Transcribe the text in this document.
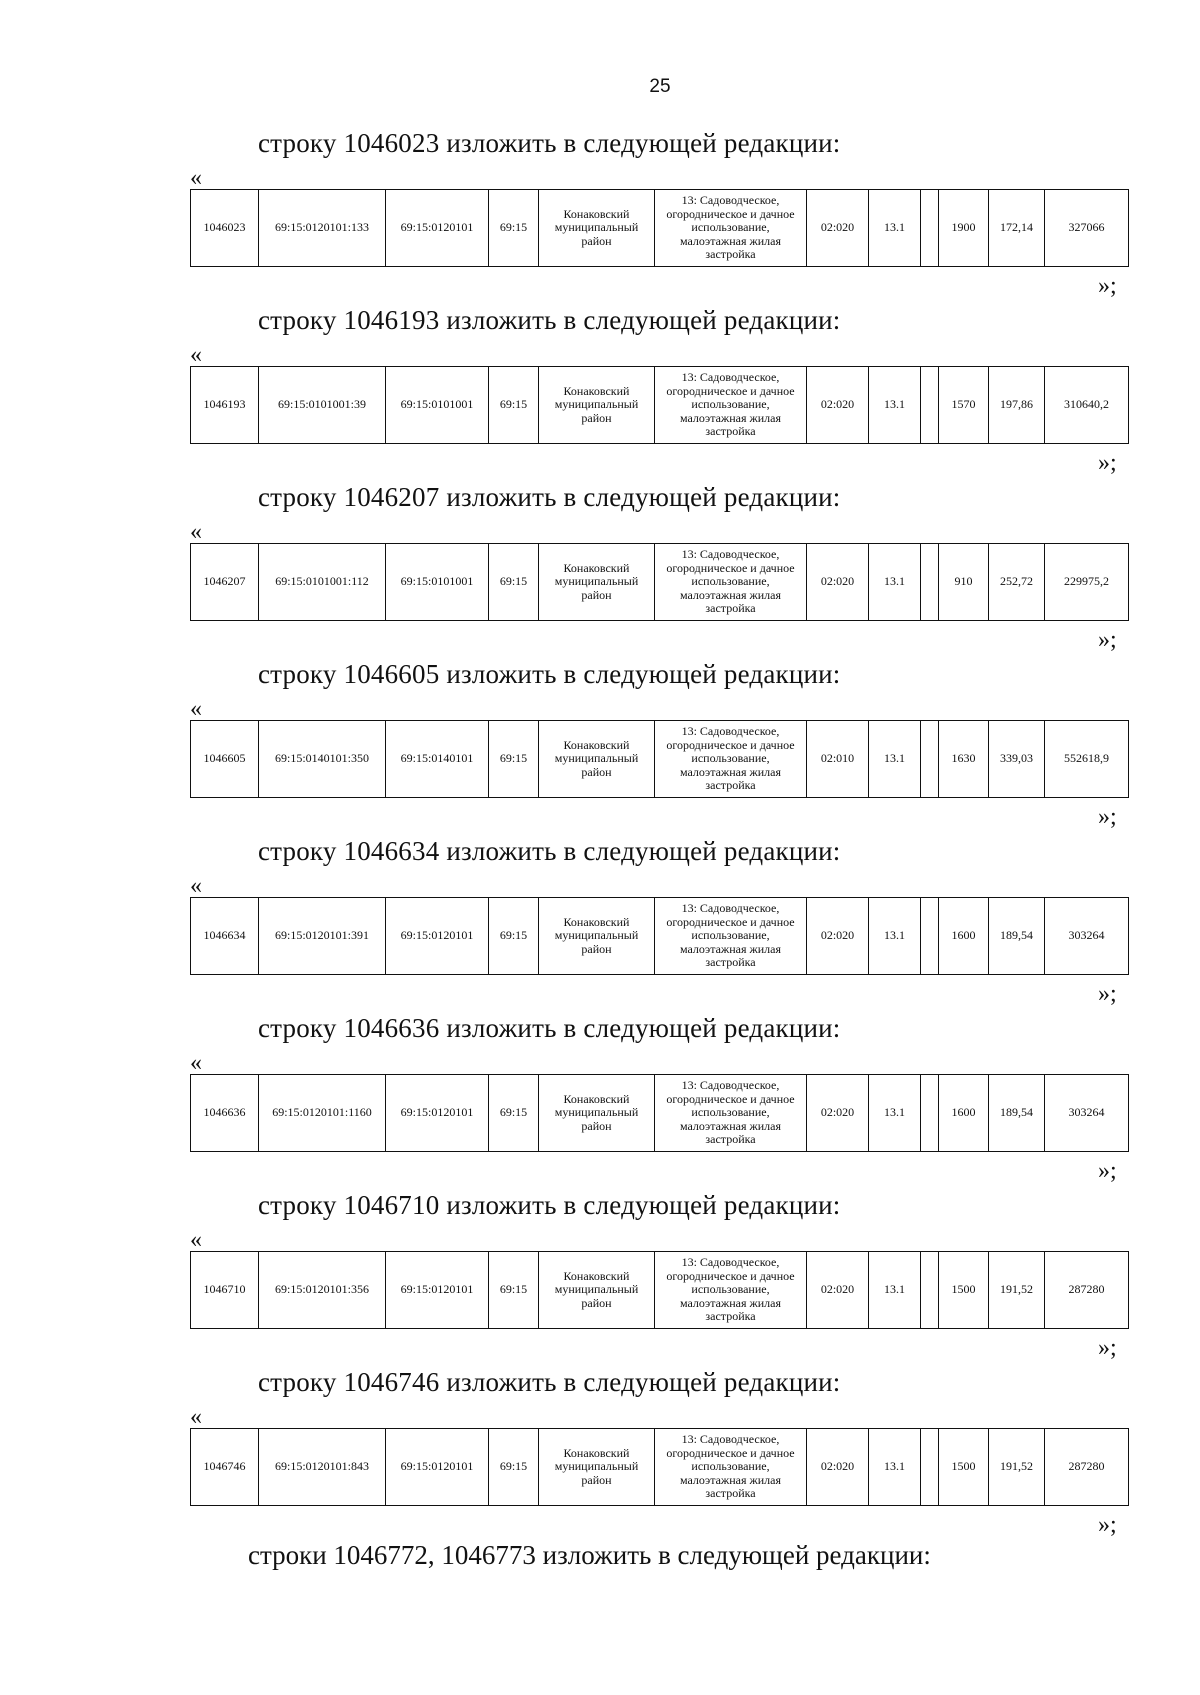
25
строку 1046023 изложить в следующей редакции:
«
1046023	69:15:0120101:133	69:15:0120101	69:15	Конаковский муниципальный район	13: Садоводческое, огородническое и дачное использование, малоэтажная жилая застройка	02:020	13.1		1900	172,14	327066
»;
строку 1046193 изложить в следующей редакции:
«
1046193	69:15:0101001:39	69:15:0101001	69:15	Конаковский муниципальный район	13: Садоводческое, огородническое и дачное использование, малоэтажная жилая застройка	02:020	13.1		1570	197,86	310640,2
»;
строку 1046207 изложить в следующей редакции:
«
1046207	69:15:0101001:112	69:15:0101001	69:15	Конаковский муниципальный район	13: Садоводческое, огородническое и дачное использование, малоэтажная жилая застройка	02:020	13.1		910	252,72	229975,2
»;
строку 1046605 изложить в следующей редакции:
«
1046605	69:15:0140101:350	69:15:0140101	69:15	Конаковский муниципальный район	13: Садоводческое, огородническое и дачное использование, малоэтажная жилая застройка	02:010	13.1		1630	339,03	552618,9
»;
строку 1046634 изложить в следующей редакции:
«
1046634	69:15:0120101:391	69:15:0120101	69:15	Конаковский муниципальный район	13: Садоводческое, огородническое и дачное использование, малоэтажная жилая застройка	02:020	13.1		1600	189,54	303264
»;
строку 1046636 изложить в следующей редакции:
«
1046636	69:15:0120101:1160	69:15:0120101	69:15	Конаковский муниципальный район	13: Садоводческое, огородническое и дачное использование, малоэтажная жилая застройка	02:020	13.1		1600	189,54	303264
»;
строку 1046710 изложить в следующей редакции:
«
1046710	69:15:0120101:356	69:15:0120101	69:15	Конаковский муниципальный район	13: Садоводческое, огородническое и дачное использование, малоэтажная жилая застройка	02:020	13.1		1500	191,52	287280
»;
строку 1046746 изложить в следующей редакции:
«
1046746	69:15:0120101:843	69:15:0120101	69:15	Конаковский муниципальный район	13: Садоводческое, огородническое и дачное использование, малоэтажная жилая застройка	02:020	13.1		1500	191,52	287280
»;
строки 1046772, 1046773 изложить в следующей редакции:
